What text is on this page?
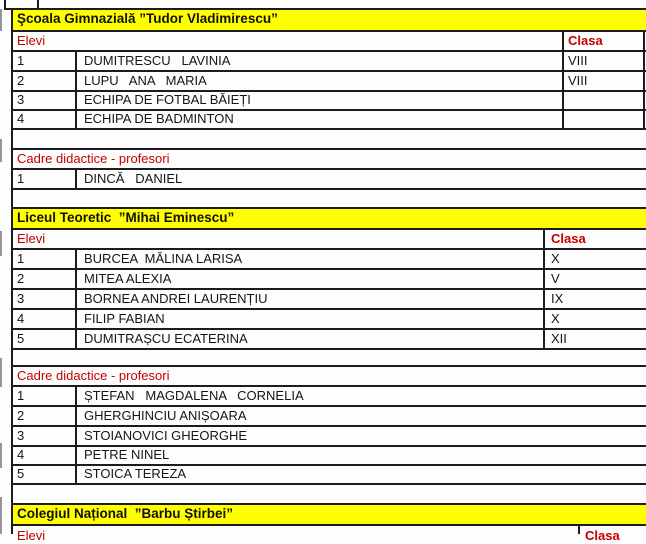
Şcoala Gimnazială ”Tudor Vladimirescu”
Elevi	Clasa
1	DUMITRESCU   LAVINIA	VIII
2	LUPU   ANA   MARIA	VIII
3	ECHIPA DE FOTBAL BĂIEȚI
4	ECHIPA DE BADMINTON
Cadre didactice - profesori
1	DINCĂ   DANIEL
Liceul Teoretic  ”Mihai Eminescu”
Elevi	Clasa
1	BURCEA  MĂLINA LARISA	X
2	MITEA ALEXIA	V
3	BORNEA ANDREI LAURENȚIU	IX
4	FILIP FABIAN	X
5	DUMITRAȘCU ECATERINA	XII
Cadre didactice - profesori
1	ȘTEFAN   MAGDALENA   CORNELIA
2	GHERGHINCIU ANIȘOARA
3	STOIANOVICI GHEORGHE
4	PETRE NINEL
5	STOICA TEREZA
Colegiul Național  ”Barbu Știrbei”
Elevi	Clasa
